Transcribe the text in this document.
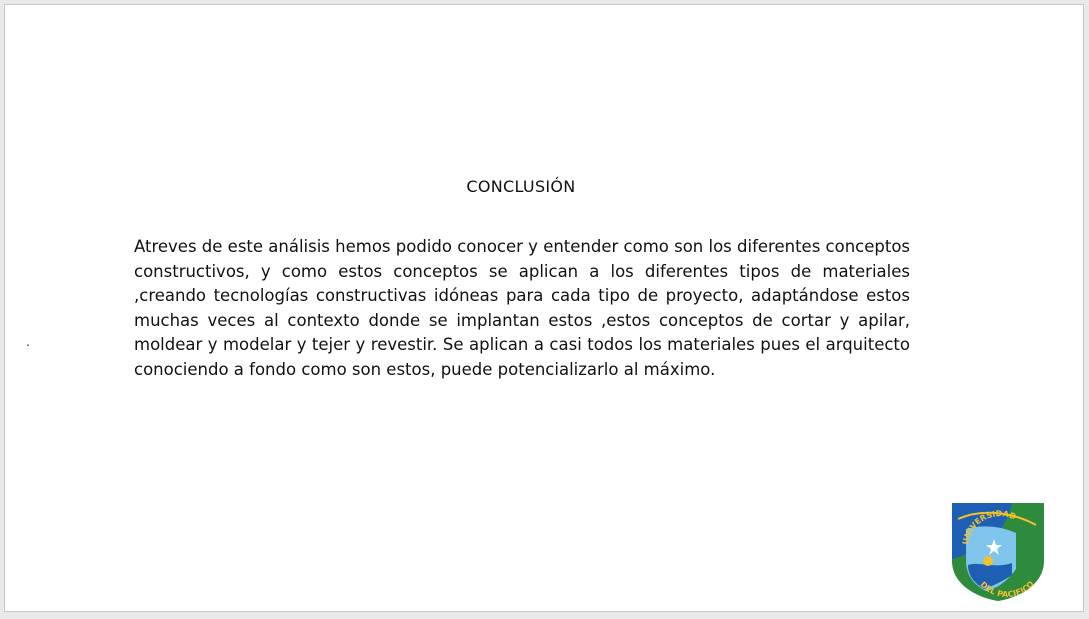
.
CONCLUSIÓN

Atreves de este análisis hemos podido conocer y entender como son los diferentes conceptos constructivos, y como estos conceptos se aplican a los diferentes tipos de materiales ,creando tecnologías constructivas idóneas para cada tipo de proyecto, adaptándose estos muchas veces al contexto donde se implantan estos ,estos conceptos de cortar y apilar, moldear y modelar y tejer y revestir. Se aplican a casi todos los materiales pues el arquitecto conociendo a fondo como son estos, puede potencializarlo al máximo.

UNIVERSIDAD
DEL PACIFICO
